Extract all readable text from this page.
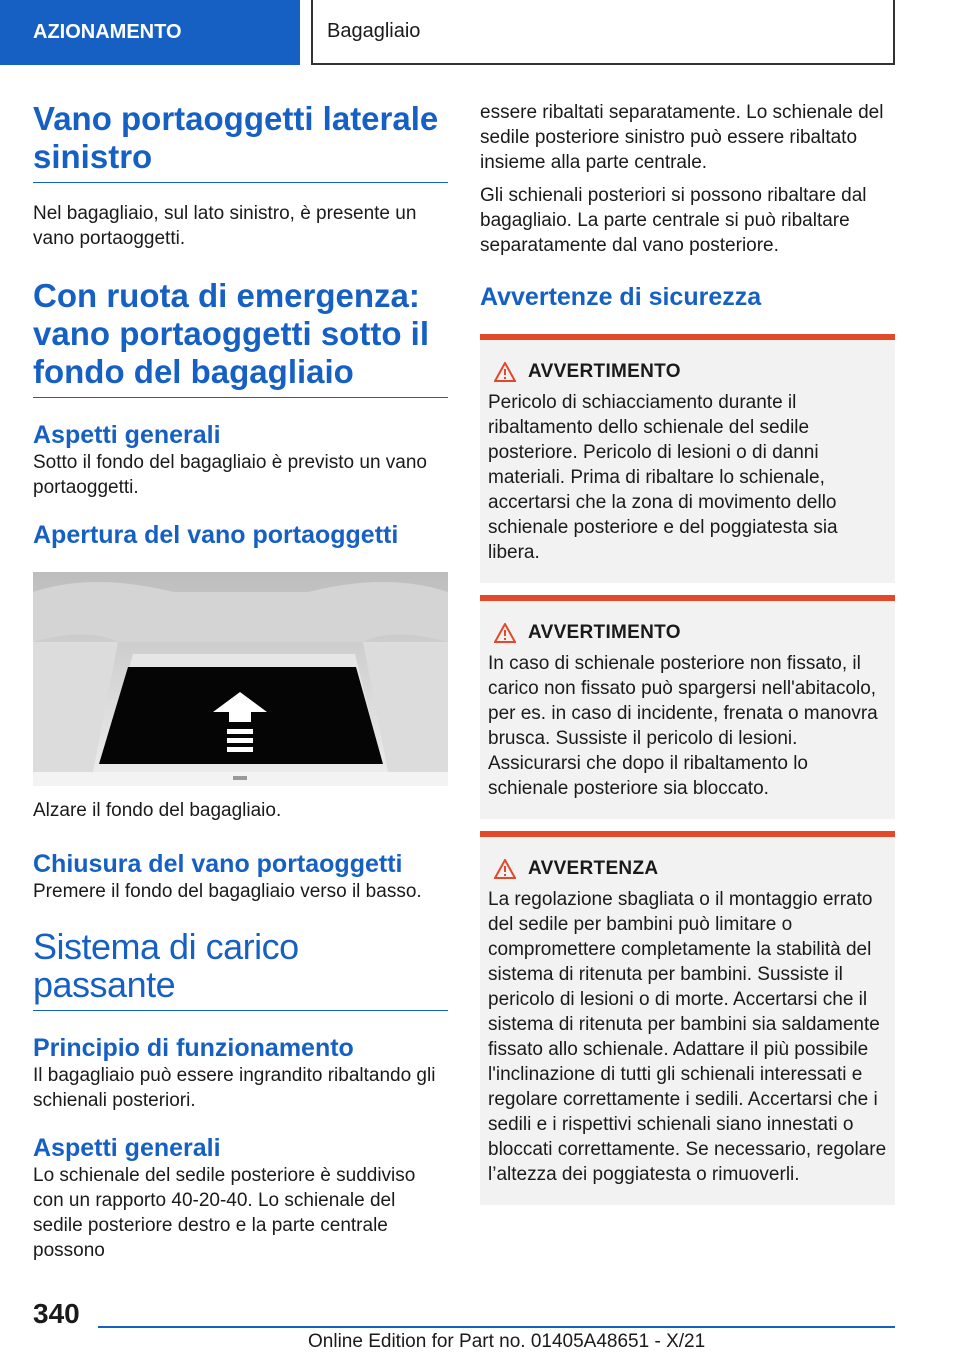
AZIONAMENTO	Bagagliaio
Vano portaoggetti laterale sinistro

Nel bagagliaio, sul lato sinistro, è presente un vano portaoggetti.

Con ruota di emergenza: vano portaoggetti sotto il fondo del bagagliaio
Aspetti generali

Sotto il fondo del bagagliaio è previsto un vano portaoggetti.

Apertura del vano portaoggetti

Alzare il fondo del bagagliaio.

Chiusura del vano portaoggetti

Premere il fondo del bagagliaio verso il basso.

Sistema di carico passante
Principio di funzionamento

Il bagagliaio può essere ingrandito ribaltando gli schienali posteriori.

Aspetti generali

Lo schienale del sedile posteriore è suddiviso con un rapporto 40-20-40. Lo schienale del sedile posteriore destro e la parte centrale possono

essere ribaltati separatamente. Lo schienale del sedile posteriore sinistro può essere ribaltato insieme alla parte centrale.

Gli schienali posteriori si possono ribaltare dal bagagliaio. La parte centrale si può ribaltare separatamente dal vano posteriore.

Avvertenze di sicurezza
AVVERTIMENTO

Pericolo di schiacciamento durante il ribaltamento dello schienale del sedile posteriore. Pericolo di lesioni o di danni materiali. Prima di ribaltare lo schienale, accertarsi che la zona di movimento dello schienale posteriore e del poggiatesta sia libera.

AVVERTIMENTO

In caso di schienale posteriore non fissato, il carico non fissato può spargersi nell'abitacolo, per es. in caso di incidente, frenata o manovra brusca. Sussiste il pericolo di lesioni. Assicurarsi che dopo il ribaltamento lo schienale posteriore sia bloccato.

AVVERTENZA

La regolazione sbagliata o il montaggio errato del sedile per bambini può limitare o compromettere completamente la stabilità del sistema di ritenuta per bambini. Sussiste il pericolo di lesioni o di morte. Accertarsi che il sistema di ritenuta per bambini sia saldamente fissato allo schienale. Adattare il più possibile l'inclinazione di tutti gli schienali interessati e regolare correttamente i sedili. Accertarsi che i sedili e i rispettivi schienali siano innestati o bloccati correttamente. Se necessario, regolare l’altezza dei poggiatesta o rimuoverli.

340
Online Edition for Part no. 01405A48651 - X/21
